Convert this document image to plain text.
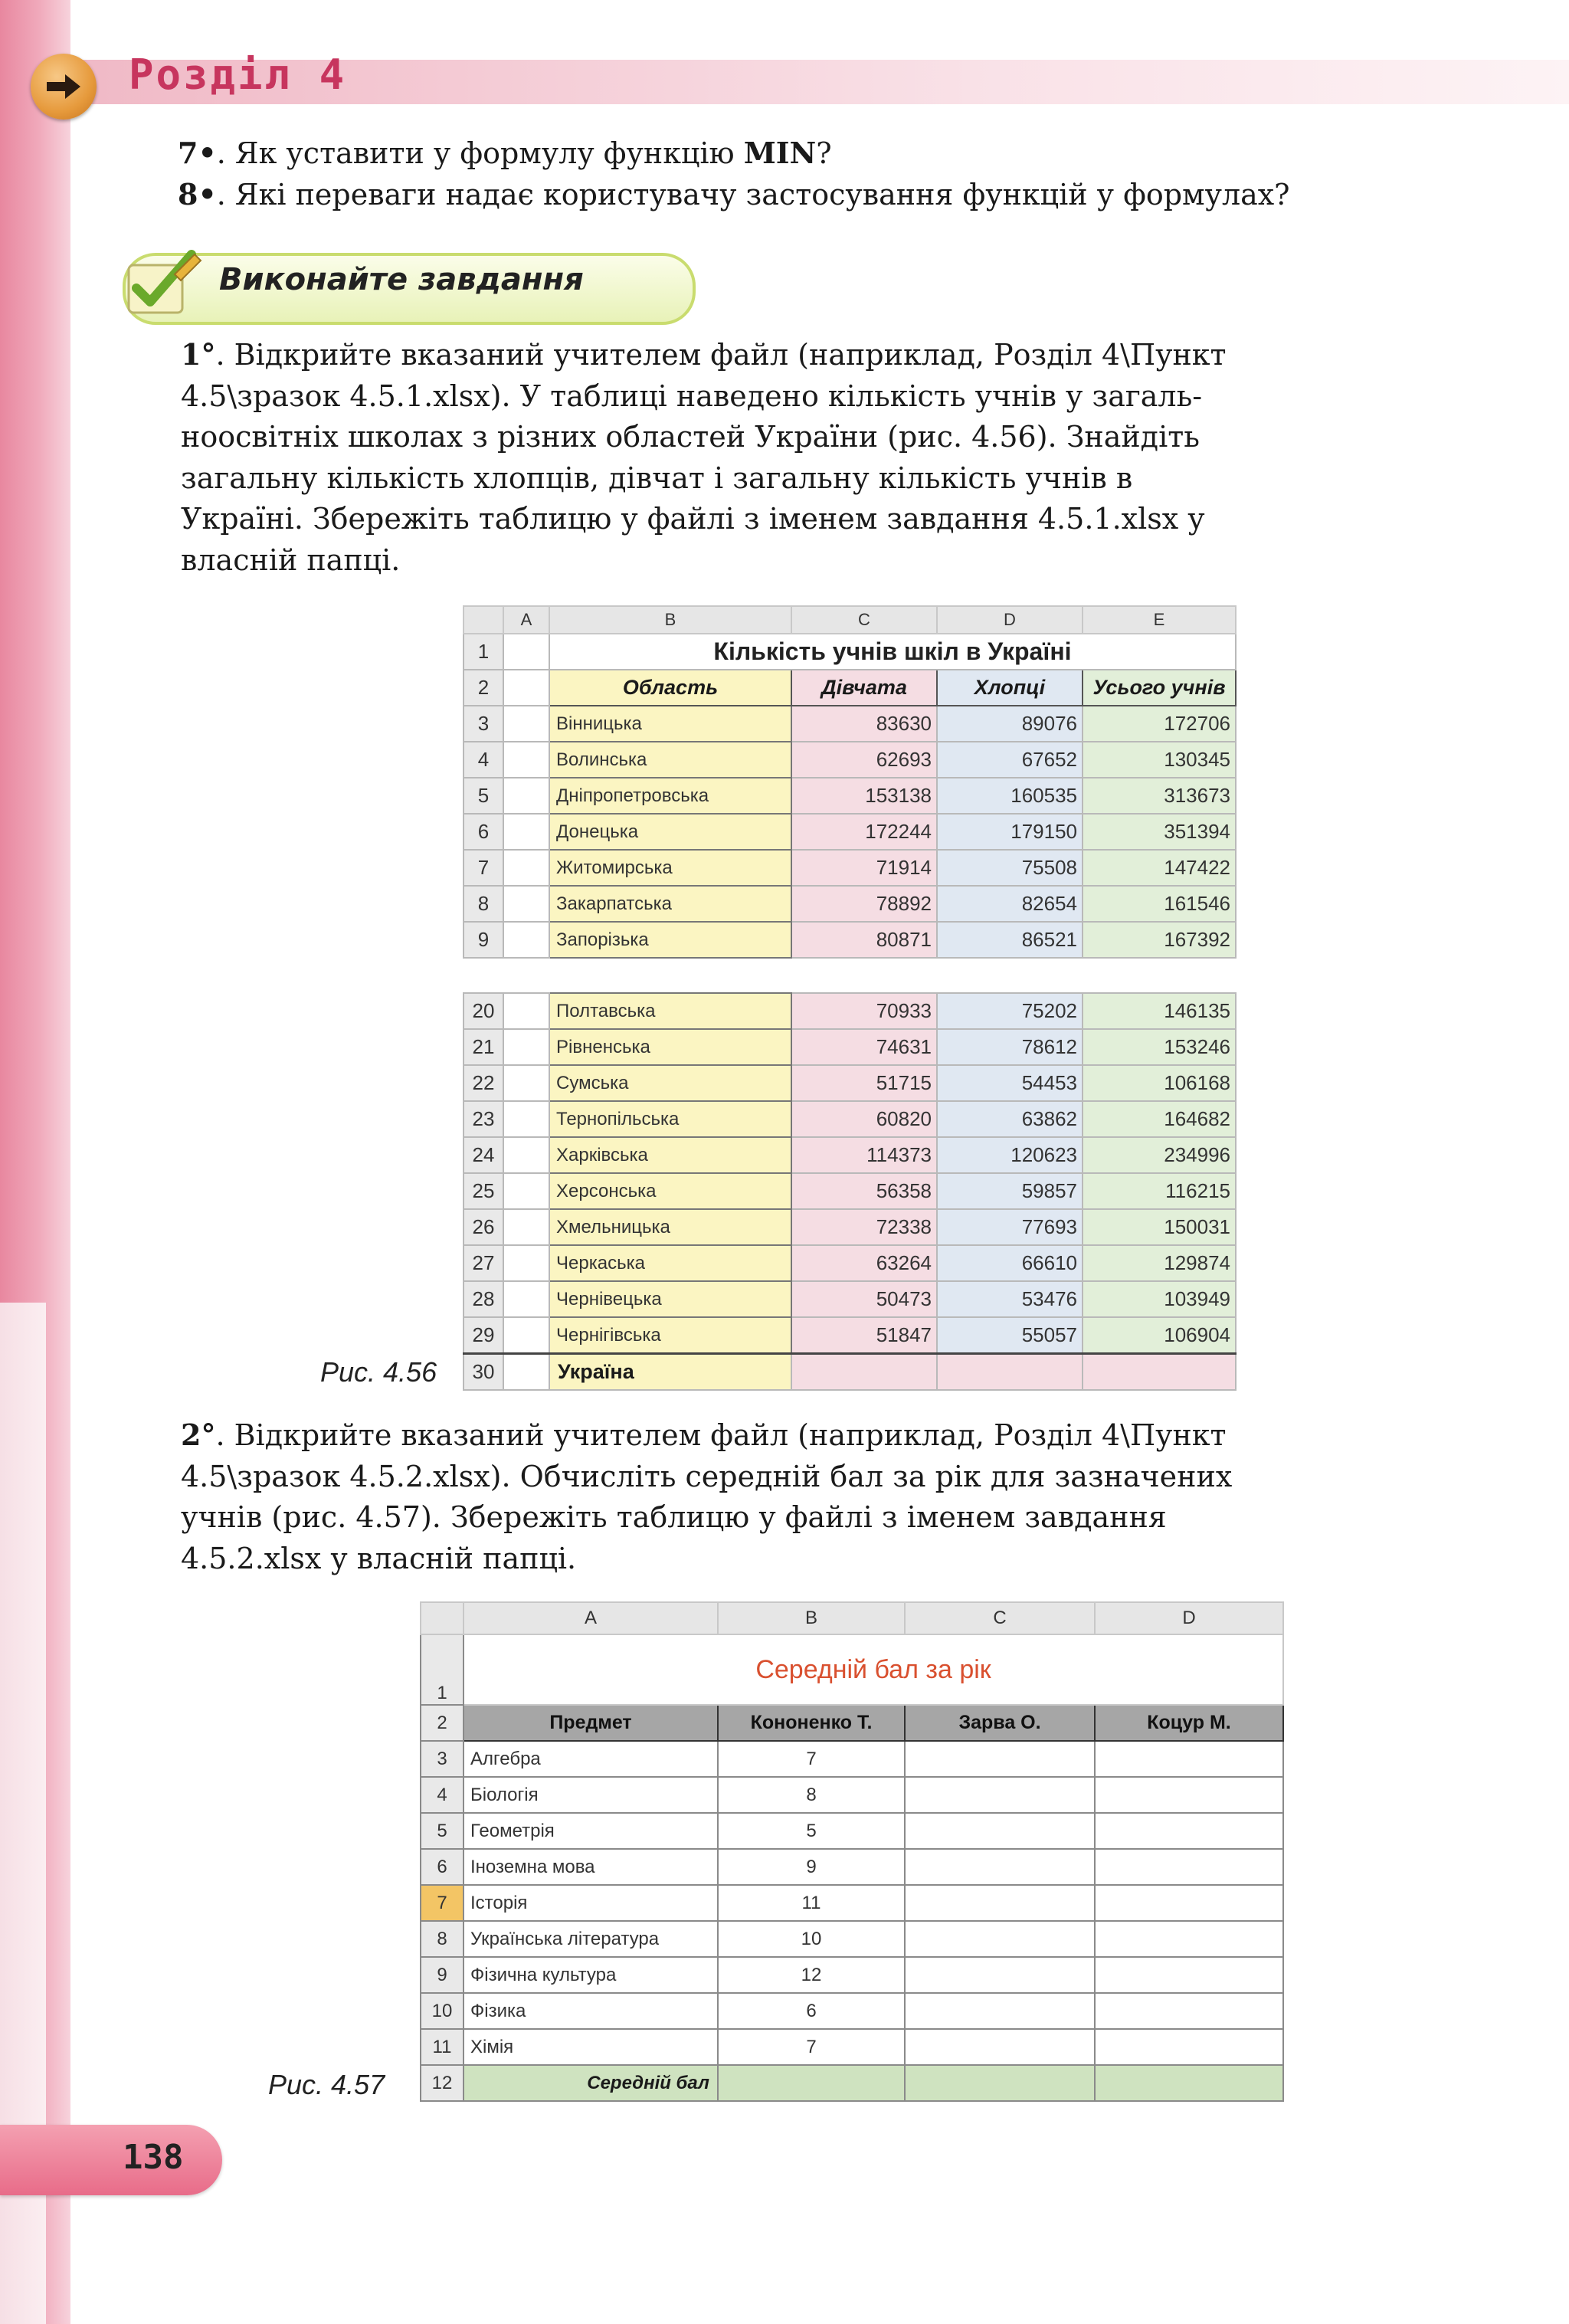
Розділ 4
7•. Як уставити у формулу функцію MIN?
8•. Які переваги надає користувачу застосування функцій у формулах?
Виконайте завдання
1°. Відкрийте вказаний учителем файл (наприклад, Розділ 4\Пункт
4.5\зразок 4.5.1.xlsx). У таблиці наведено кількість учнів у загаль-
ноосвітніх школах з різних областей України (рис. 4.56). Знайдіть
загальну кількість хлопців, дівчат і загальну кількість учнів в
Україні. Збережіть таблицю у файлі з іменем завдання 4.5.1.xlsx у
власній папці.
	A	B	C	D	E
1		Кількість учнів шкіл в Україні			
2		Область	Дівчата	Хлопці	Усього учнів
3		Вінницька	83630	89076	172706
4		Волинська	62693	67652	130345
5		Дніпропетровська	153138	160535	313673
6		Донецька	172244	179150	351394
7		Житомирська	71914	75508	147422
8		Закарпатська	78892	82654	161546
9		Запорізька	80871	86521	167392
20		Полтавська	70933	75202	146135
21		Рівненська	74631	78612	153246
22		Сумська	51715	54453	106168
23		Тернопільська	60820	63862	164682
24		Харківська	114373	120623	234996
25		Херсонська	56358	59857	116215
26		Хмельницька	72338	77693	150031
27		Черкаська	63264	66610	129874
28		Чернівецька	50473	53476	103949
29		Чернігівська	51847	55057	106904
30		Україна			
Рис. 4.56
2°. Відкрийте вказаний учителем файл (наприклад, Розділ 4\Пункт
4.5\зразок 4.5.2.xlsx). Обчисліть середній бал за рік для зазначених
учнів (рис. 4.57). Збережіть таблицю у файлі з іменем завдання
4.5.2.xlsx у власній папці.
	A	B	C	D
1	Середній бал за рік			
2	Предмет	Кононенко Т.	Зарва О.	Коцур М.
3	Алгебра	7		
4	Біологія	8		
5	Геометрія	5		
6	Іноземна мова	9		
7	Історія	11		
8	Українська література	10		
9	Фізична культура	12		
10	Фізика	6		
11	Хімія	7		
12	Середній бал			
Рис. 4.57
138
